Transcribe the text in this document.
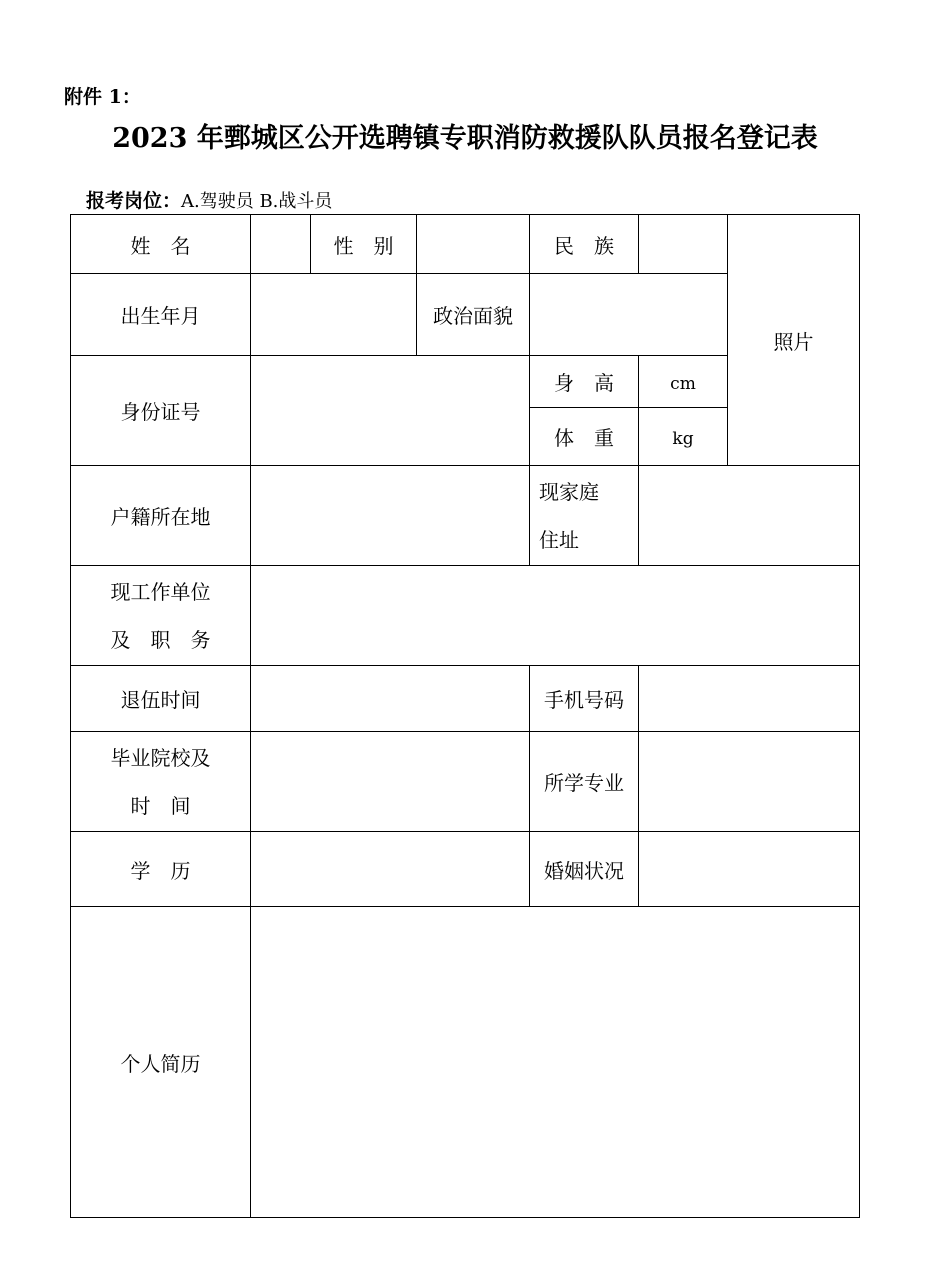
附件 1：
2023 年鄄城区公开选聘镇专职消防救援队队员报名登记表
报考岗位：A.驾驶员 B.战斗员
姓　名		性　别		民　族		照片
出生年月			政治面貌			
身份证号				身　高	cm	
				体　重	kg	
户籍所在地				现家庭
住址		

现工作单位
及　职　务						

退伍时间				手机号码		

毕业院校及
时　间				所学专业		
学　历				婚姻状况		
个人简历						
